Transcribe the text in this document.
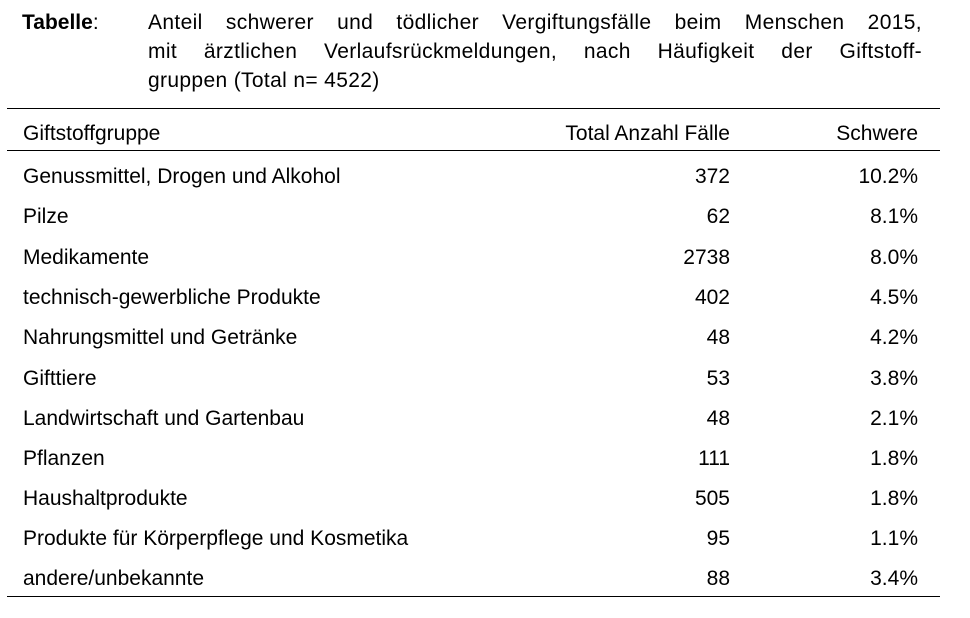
Tabelle:	Anteil schwerer und tödlicher Vergiftungsfälle beim Menschen 2015,
mit ärztlichen Verlaufsrückmeldungen, nach Häufigkeit der Giftstoff-
gruppen (Total n= 4522)
Giftstoffgruppe	Total Anzahl Fälle	Schwere
Genussmittel, Drogen und Alkohol	372	10.2%
Pilze	62	8.1%
Medikamente	2738	8.0%
technisch-gewerbliche Produkte	402	4.5%
Nahrungsmittel und Getränke	48	4.2%
Gifttiere	53	3.8%
Landwirtschaft und Gartenbau	48	2.1%
Pflanzen	111	1.8%
Haushaltprodukte	505	1.8%
Produkte für Körperpflege und Kosmetika	95	1.1%
andere/unbekannte	88	3.4%
